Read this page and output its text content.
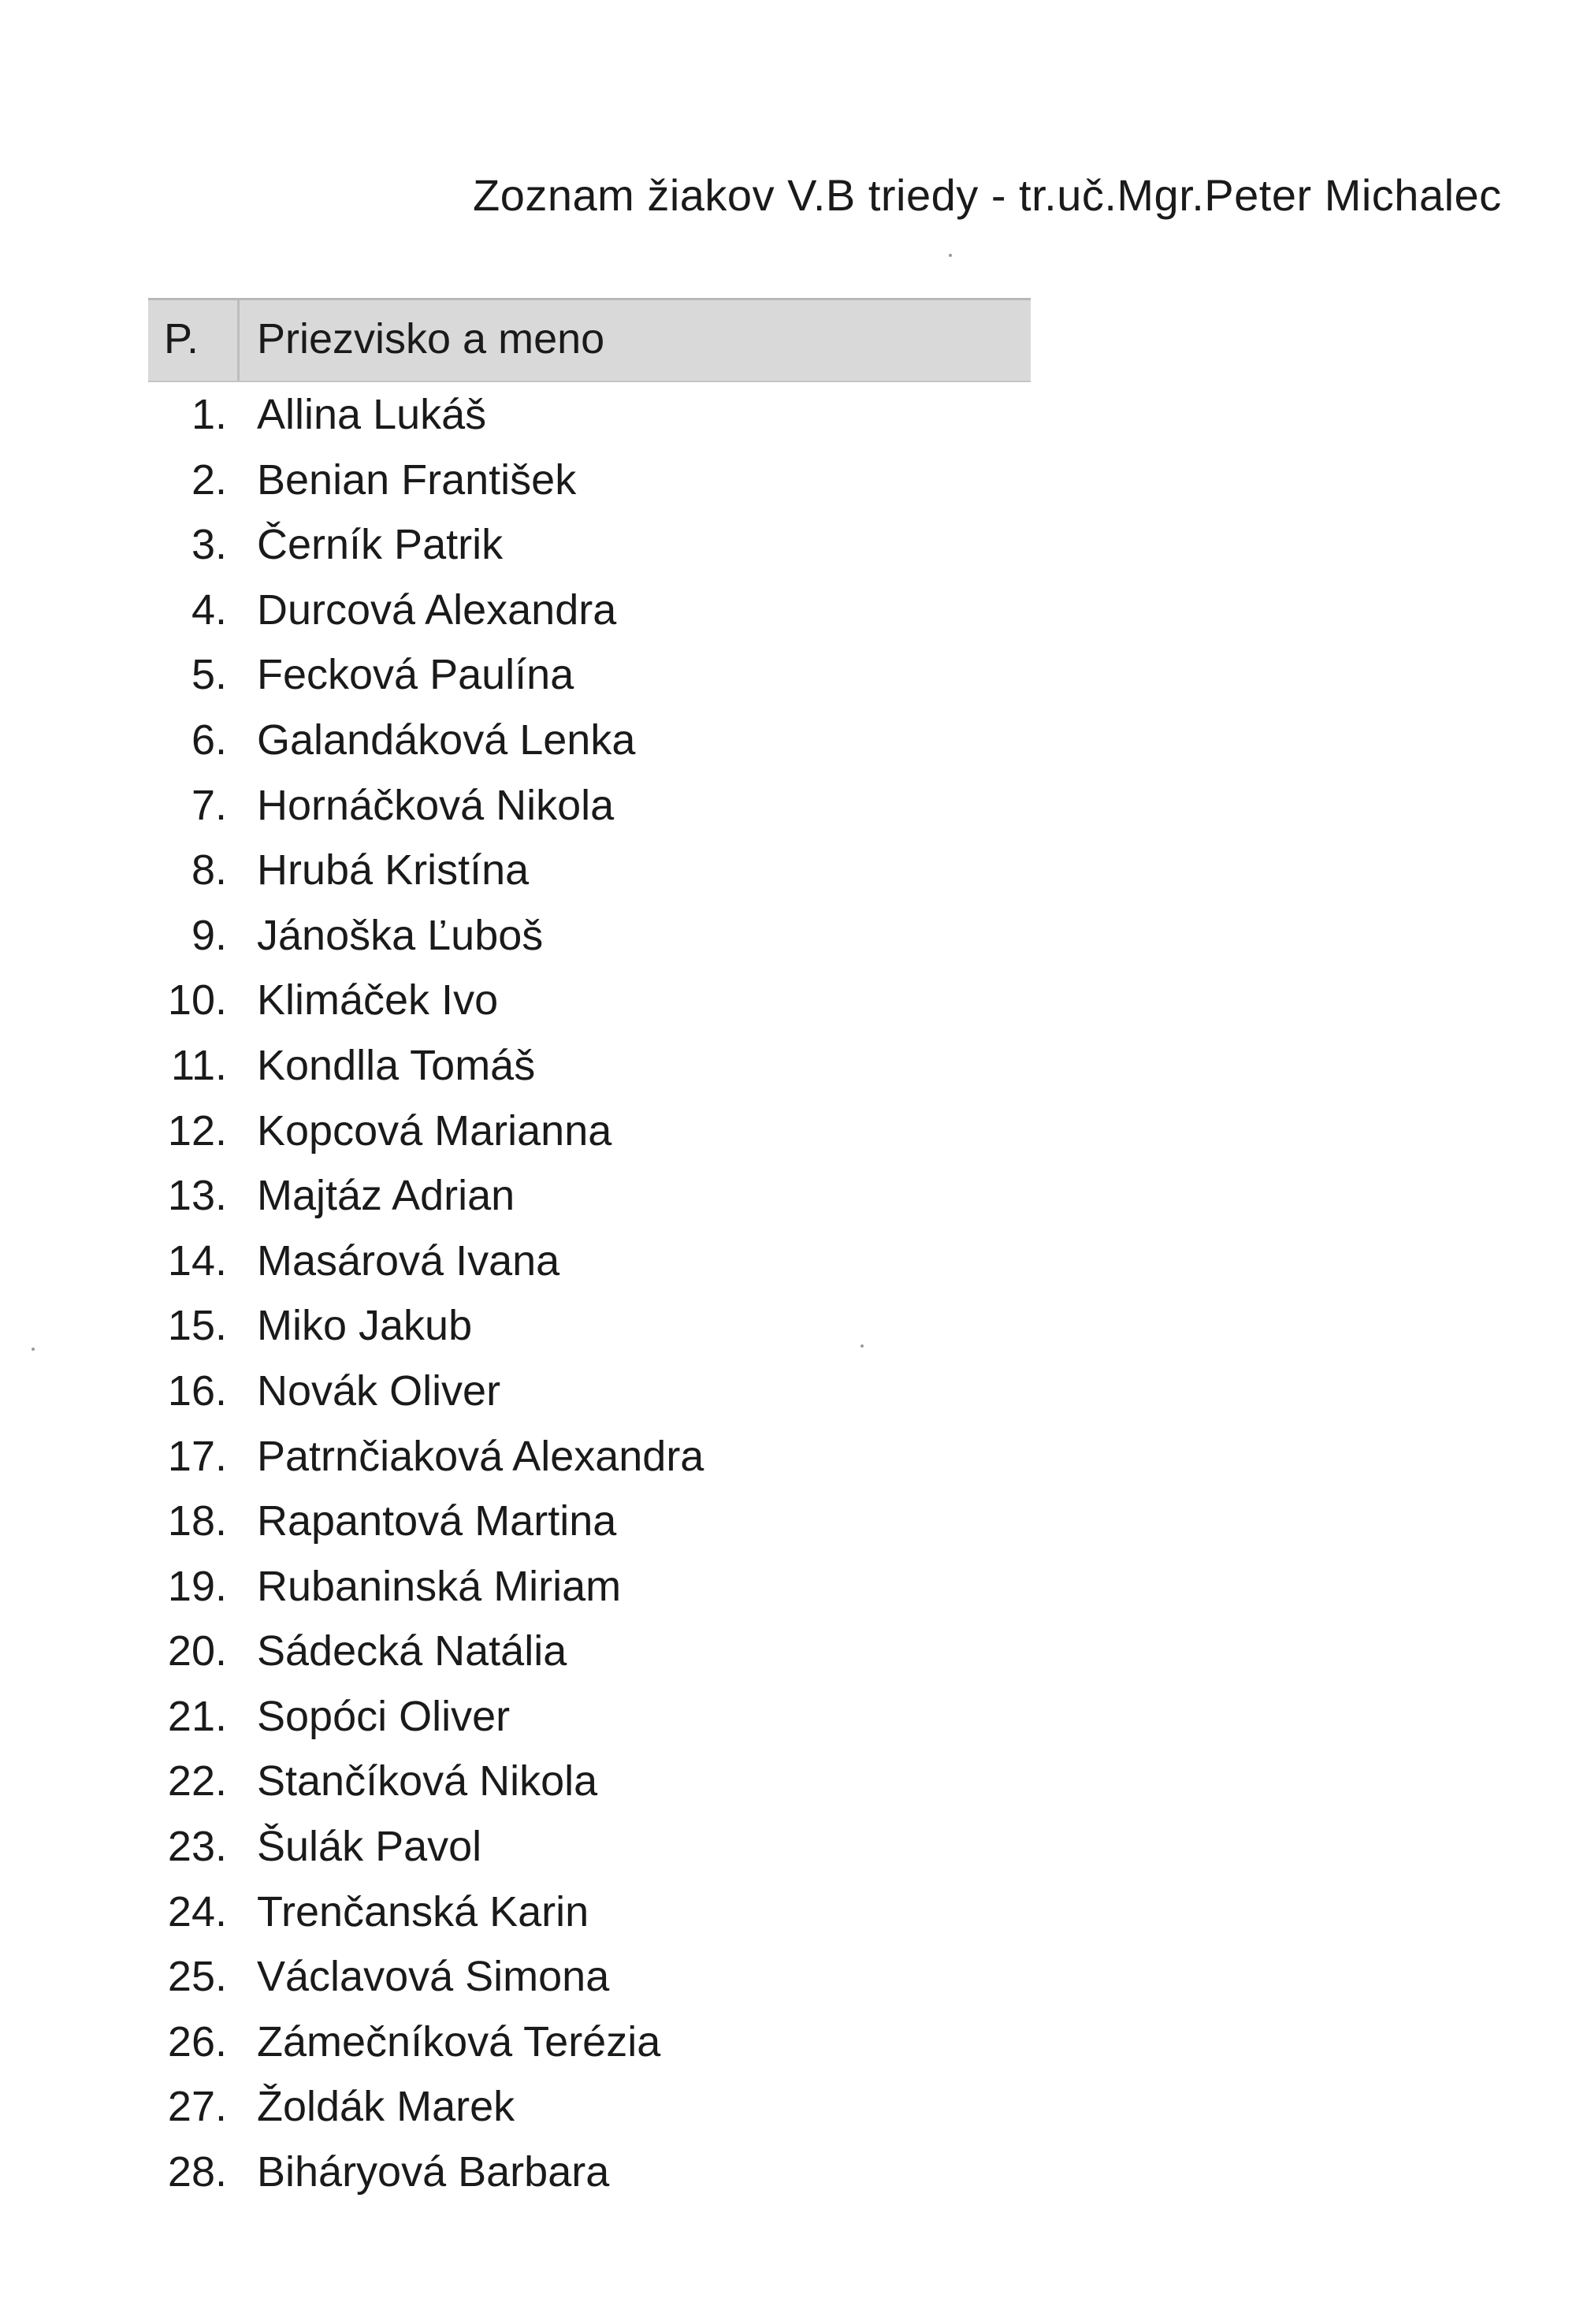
Zoznam žiakov V.B triedy - tr.uč.Mgr.Peter Michalec
P. Priezvisko a meno
1. Allina Lukáš
2. Benian František
3. Černík Patrik
4. Durcová Alexandra
5. Fecková Paulína
6. Galandáková Lenka
7. Hornáčková Nikola
8. Hrubá Kristína
9. Jánoška Ľuboš
10. Klimáček Ivo
11. Kondlla Tomáš
12. Kopcová Marianna
13. Majtáz Adrian
14. Masárová Ivana
15. Miko Jakub
16. Novák Oliver
17. Patrnčiaková Alexandra
18. Rapantová Martina
19. Rubaninská Miriam
20. Sádecká Natália
21. Sopóci Oliver
22. Stančíková Nikola
23. Šulák Pavol
24. Trenčanská Karin
25. Václavová Simona
26. Zámečníková Terézia
27. Žoldák Marek
28. Biháryová Barbara
